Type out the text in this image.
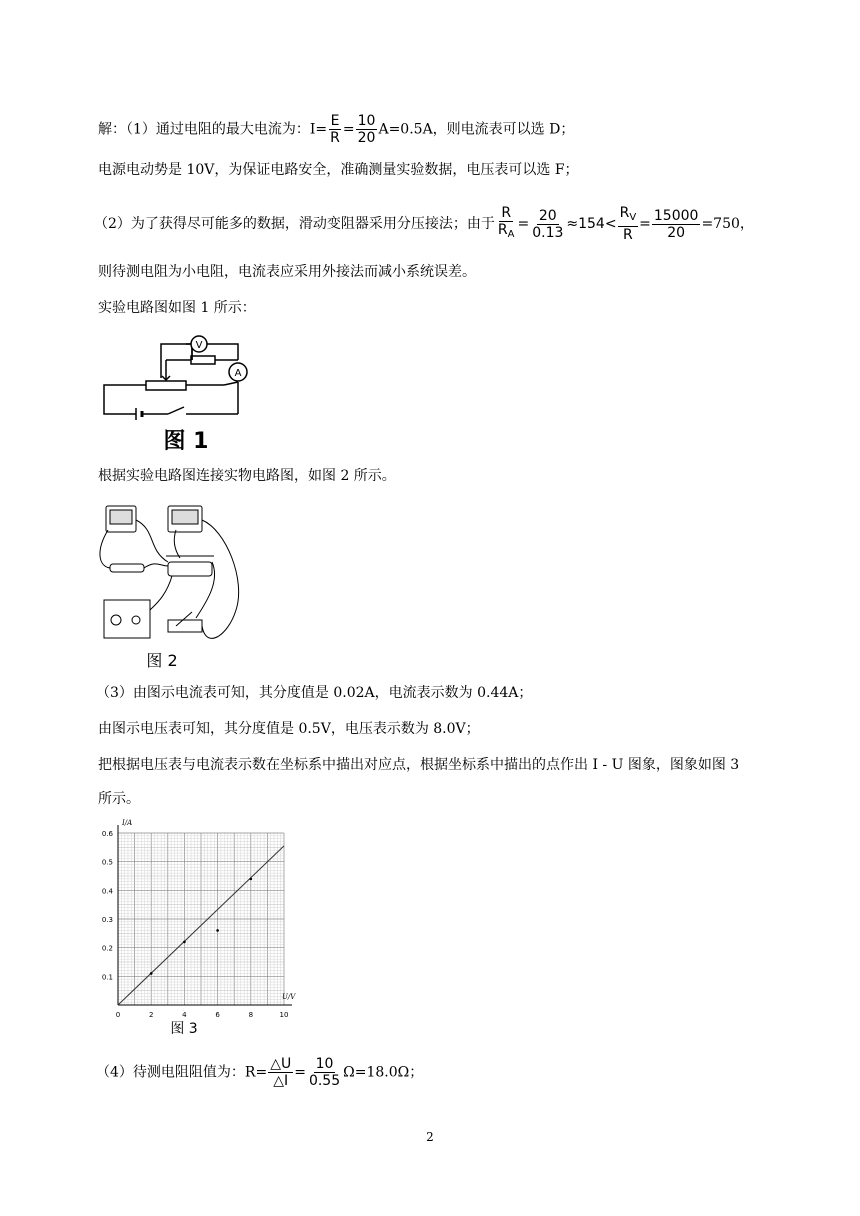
解：（1）通过电阻的最大电流为：$I= \frac{E}{R} = \frac{10}{20} A=0.5A$，则电流表可以选 D；
电源电动势是 10V，为保证电路安全，准确测量实验数据，电压表可以选 F；
（2）为了获得尽可能多的数据，滑动变阻器采用分压接法；由于 $\frac{R}{R_A} = \frac{20}{0.13} \approx 154< \frac{R_V}{R} = \frac{15000}{20} =750$，
则待测电阻为小电阻，电流表应采用外接法而减小系统误差。
实验电路图如图 1 所示：
V
A
图 1
根据实验电路图连接实物电路图，如图 2 所示。
图 2
（3）由图示电流表可知，其分度值是 0.02A，电流表示数为 0.44A；
由图示电压表可知，其分度值是 0.5V，电压表示数为 8.0V；
把根据电压表与电流表示数在坐标系中描出对应点，根据坐标系中描出的点作出 I - U 图象，图象如图 3
所示。
0	2	4	6	8	10
0.1
0.2
0.3
0.4
0.5
0.6
U/V
I/A
图 3
（4）待测电阻阻值为：$R= \frac{\triangle U}{\triangle I} = \frac{10}{0.55} \Omega=18.0\Omega$；
2
